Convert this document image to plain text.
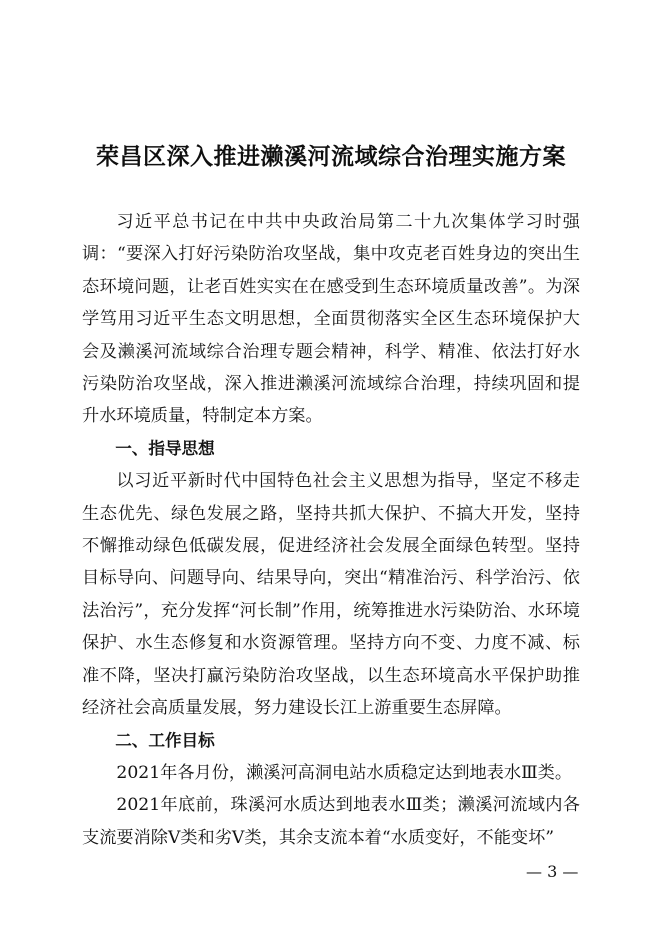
荣昌区深入推进濑溪河流域综合治理实施方案

习近平总书记在中共中央政治局第二十九次集体学习时强调：“要深入打好污染防治攻坚战，集中攻克老百姓身边的突出生态环境问题，让老百姓实实在在感受到生态环境质量改善”。为深学笃用习近平生态文明思想，全面贯彻落实全区生态环境保护大会及濑溪河流域综合治理专题会精神，科学、精准、依法打好水污染防治攻坚战，深入推进濑溪河流域综合治理，持续巩固和提升水环境质量，特制定本方案。

一、指导思想

以习近平新时代中国特色社会主义思想为指导，坚定不移走生态优先、绿色发展之路，坚持共抓大保护、不搞大开发，坚持不懈推动绿色低碳发展，促进经济社会发展全面绿色转型。坚持目标导向、问题导向、结果导向，突出“精准治污、科学治污、依法治污”，充分发挥“河长制”作用，统筹推进水污染防治、水环境保护、水生态修复和水资源管理。坚持方向不变、力度不减、标准不降，坚决打赢污染防治攻坚战，以生态环境高水平保护助推经济社会高质量发展，努力建设长江上游重要生态屏障。

二、工作目标

2021年各月份，濑溪河高洞电站水质稳定达到地表水Ⅲ类。

2021年底前，珠溪河水质达到地表水Ⅲ类；濑溪河流域内各支流要消除Ⅴ类和劣Ⅴ类，其余支流本着“水质变好，不能变坏”

— 3 —
